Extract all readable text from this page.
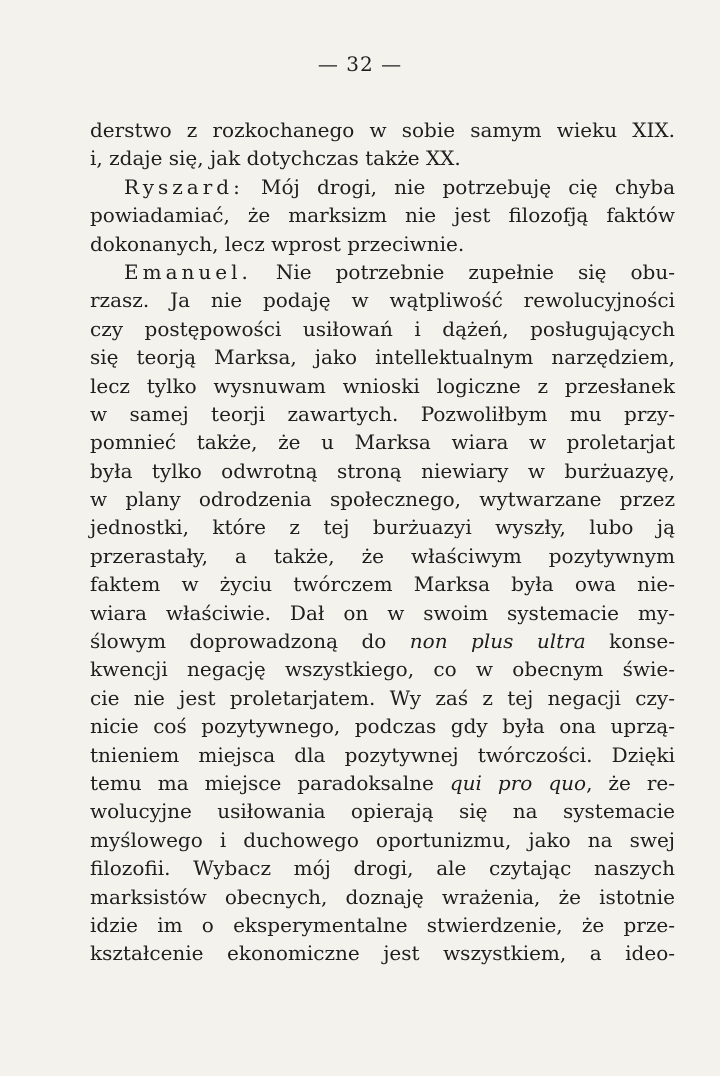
— 32 —
derstwo z rozkochanego w sobie samym wieku XIX.
i, zdaje się, jak dotychczas także XX.
Ryszard: Mój drogi, nie potrzebuję cię chyba
powiadamiać, że marksizm nie jest filozofją faktów
dokonanych, lecz wprost przeciwnie.
Emanuel. Nie potrzebnie zupełnie się obu-
rzasz. Ja nie podaję w wątpliwość rewolucyjności
czy postępowości usiłowań i dążeń, posługujących
się teorją Marksa, jako intellektualnym narzędziem,
lecz tylko wysnuwam wnioski logiczne z przesłanek
w samej teorji zawartych. Pozwoliłbym mu przy-
pomnieć także, że u Marksa wiara w proletarjat
była tylko odwrotną stroną niewiary w burżuazyę,
w plany odrodzenia społecznego, wytwarzane przez
jednostki, które z tej burżuazyi wyszły, lubo ją
przerastały, a także, że właściwym pozytywnym
faktem w życiu twórczem Marksa była owa nie-
wiara właściwie. Dał on w swoim systemacie my-
ślowym doprowadzoną do non plus ultra konse-
kwencji negację wszystkiego, co w obecnym świe-
cie nie jest proletarjatem. Wy zaś z tej negacji czy-
nicie coś pozytywnego, podczas gdy była ona uprzą-
tnieniem miejsca dla pozytywnej twórczości. Dzięki
temu ma miejsce paradoksalne qui pro quo, że re-
wolucyjne usiłowania opierają się na systemacie
myślowego i duchowego oportunizmu, jako na swej
filozofii. Wybacz mój drogi, ale czytając naszych
marksistów obecnych, doznaję wrażenia, że istotnie
idzie im o eksperymentalne stwierdzenie, że prze-
kształcenie ekonomiczne jest wszystkiem, a ideo-
